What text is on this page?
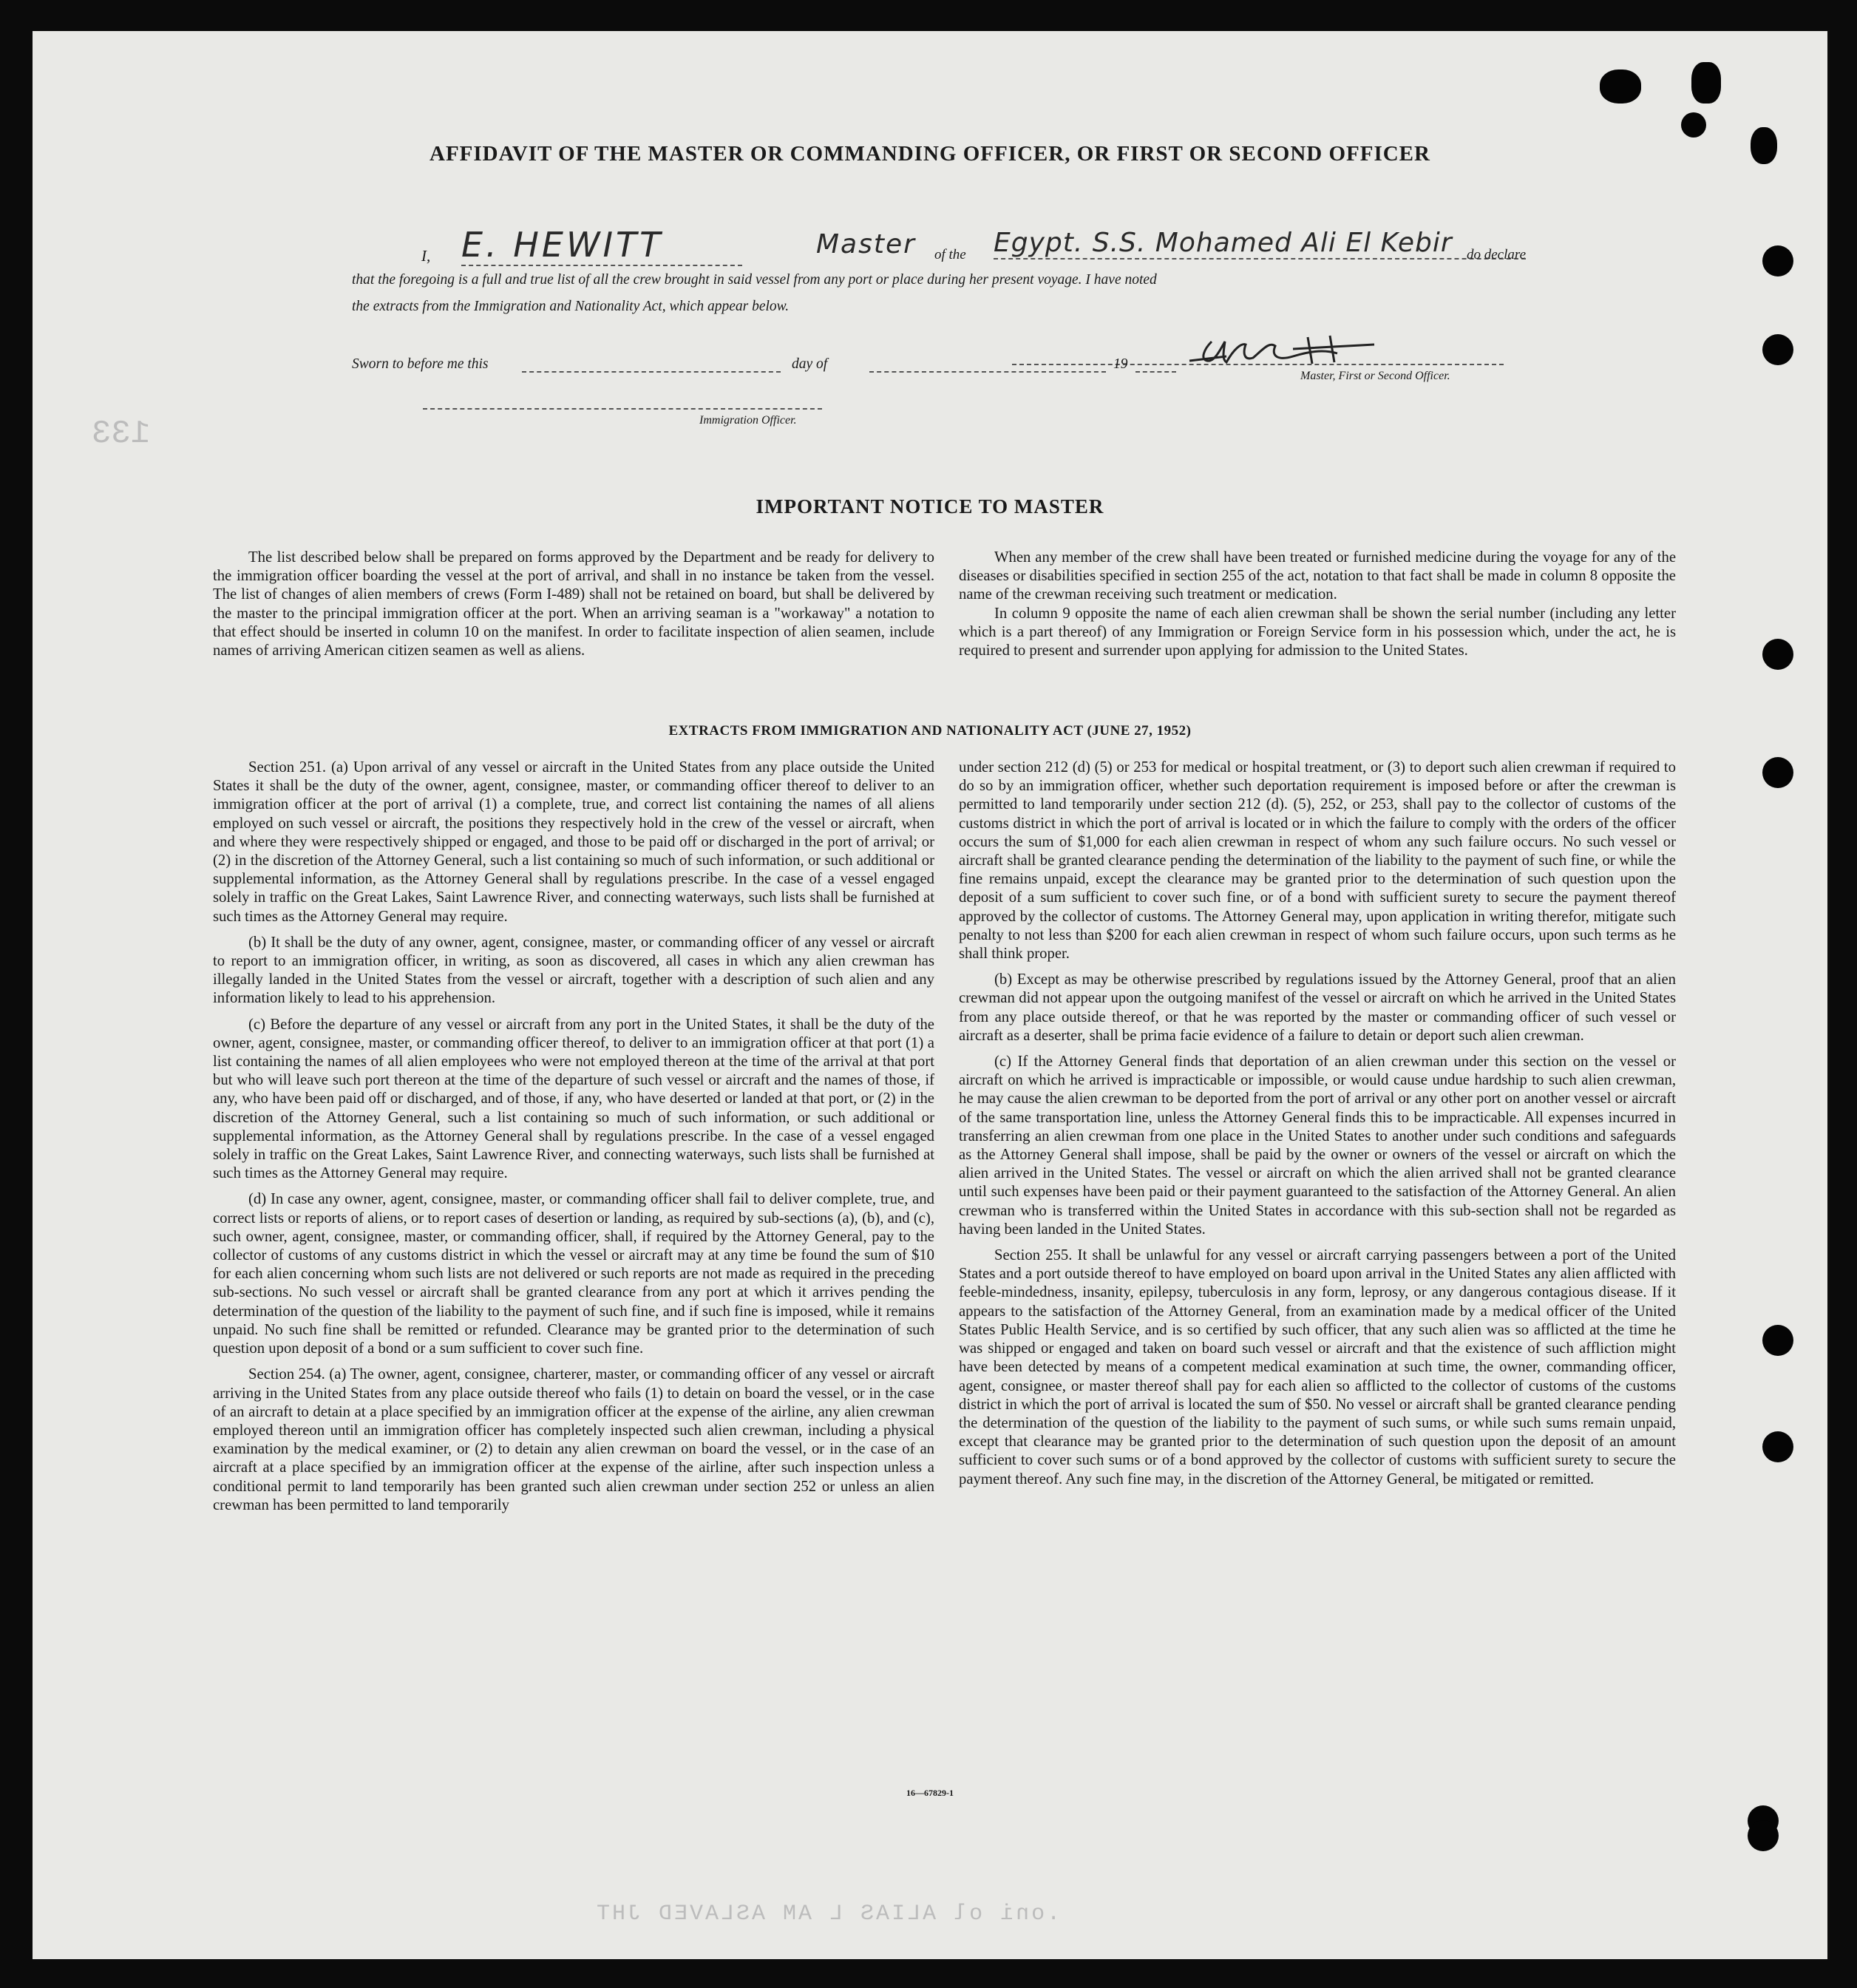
133
.oni ol ALIAS L AM ASLAVED JHT
AFFIDAVIT OF THE MASTER OR COMMANDING OFFICER, OR FIRST OR SECOND OFFICER
I, E. HEWITT	Master of the Egypt. S.S. Mohamed Ali El Kebir	do declare
that the foregoing is a full and true list of all the crew brought in said vessel from any port or place during her present voyage. I have noted
the extracts from the Immigration and Nationality Act, which appear below.
Master, First or Second Officer.
Sworn to before me this	day of	19
Immigration Officer.
IMPORTANT NOTICE TO MASTER

The list described below shall be prepared on forms approved by the Department and be ready for delivery to the immigration officer boarding the vessel at the port of arrival, and shall in no instance be taken from the vessel. The list of changes of alien members of crews (Form I-489) shall not be retained on board, but shall be delivered by the master to the principal immigration officer at the port. When an arriving seaman is a "workaway" a notation to that effect should be inserted in column 10 on the manifest. In order to facilitate inspection of alien seamen, include names of arriving American citizen seamen as well as aliens.

When any member of the crew shall have been treated or furnished medicine during the voyage for any of the diseases or disabilities specified in section 255 of the act, notation to that fact shall be made in column 8 opposite the name of the crewman receiving such treatment or medication.

In column 9 opposite the name of each alien crewman shall be shown the serial number (including any letter which is a part thereof) of any Immigration or Foreign Service form in his possession which, under the act, he is required to present and surrender upon applying for admission to the United States.

EXTRACTS FROM IMMIGRATION AND NATIONALITY ACT (JUNE 27, 1952)

Section 251. (a) Upon arrival of any vessel or aircraft in the United States from any place outside the United States it shall be the duty of the owner, agent, consignee, master, or commanding officer thereof to deliver to an immigration officer at the port of arrival (1) a complete, true, and correct list containing the names of all aliens employed on such vessel or aircraft, the positions they respectively hold in the crew of the vessel or aircraft, when and where they were respectively shipped or engaged, and those to be paid off or discharged in the port of arrival; or (2) in the discretion of the Attorney General, such a list containing so much of such information, or such additional or supplemental information, as the Attorney General shall by regulations prescribe. In the case of a vessel engaged solely in traffic on the Great Lakes, Saint Lawrence River, and connecting waterways, such lists shall be furnished at such times as the Attorney General may require.

(b) It shall be the duty of any owner, agent, consignee, master, or commanding officer of any vessel or aircraft to report to an immigration officer, in writing, as soon as discovered, all cases in which any alien crewman has illegally landed in the United States from the vessel or aircraft, together with a description of such alien and any information likely to lead to his apprehension.

(c) Before the departure of any vessel or aircraft from any port in the United States, it shall be the duty of the owner, agent, consignee, master, or commanding officer thereof, to deliver to an immigration officer at that port (1) a list containing the names of all alien employees who were not employed thereon at the time of the arrival at that port but who will leave such port thereon at the time of the departure of such vessel or aircraft and the names of those, if any, who have been paid off or discharged, and of those, if any, who have deserted or landed at that port, or (2) in the discretion of the Attorney General, such a list containing so much of such information, or such additional or supplemental information, as the Attorney General shall by regulations prescribe. In the case of a vessel engaged solely in traffic on the Great Lakes, Saint Lawrence River, and connecting waterways, such lists shall be furnished at such times as the Attorney General may require.

(d) In case any owner, agent, consignee, master, or commanding officer shall fail to deliver complete, true, and correct lists or reports of aliens, or to report cases of desertion or landing, as required by sub-sections (a), (b), and (c), such owner, agent, consignee, master, or commanding officer, shall, if required by the Attorney General, pay to the collector of customs of any customs district in which the vessel or aircraft may at any time be found the sum of $10 for each alien concerning whom such lists are not delivered or such reports are not made as required in the preceding sub-sections. No such vessel or aircraft shall be granted clearance from any port at which it arrives pending the determination of the question of the liability to the payment of such fine, and if such fine is imposed, while it remains unpaid. No such fine shall be remitted or refunded. Clearance may be granted prior to the determination of such question upon deposit of a bond or a sum sufficient to cover such fine.

Section 254. (a) The owner, agent, consignee, charterer, master, or commanding officer of any vessel or aircraft arriving in the United States from any place outside thereof who fails (1) to detain on board the vessel, or in the case of an aircraft to detain at a place specified by an immigration officer at the expense of the airline, any alien crewman employed thereon until an immigration officer has completely inspected such alien crewman, including a physical examination by the medical examiner, or (2) to detain any alien crewman on board the vessel, or in the case of an aircraft at a place specified by an immigration officer at the expense of the airline, after such inspection unless a conditional permit to land temporarily has been granted such alien crewman under section 252 or unless an alien crewman has been permitted to land temporarily

under section 212 (d) (5) or 253 for medical or hospital treatment, or (3) to deport such alien crewman if required to do so by an immigration officer, whether such deportation requirement is imposed before or after the crewman is permitted to land temporarily under section 212 (d). (5), 252, or 253, shall pay to the collector of customs of the customs district in which the port of arrival is located or in which the failure to comply with the orders of the officer occurs the sum of $1,000 for each alien crewman in respect of whom any such failure occurs. No such vessel or aircraft shall be granted clearance pending the determination of the liability to the payment of such fine, or while the fine remains unpaid, except the clearance may be granted prior to the determination of such question upon the deposit of a sum sufficient to cover such fine, or of a bond with sufficient surety to secure the payment thereof approved by the collector of customs. The Attorney General may, upon application in writing therefor, mitigate such penalty to not less than $200 for each alien crewman in respect of whom such failure occurs, upon such terms as he shall think proper.

(b) Except as may be otherwise prescribed by regulations issued by the Attorney General, proof that an alien crewman did not appear upon the outgoing manifest of the vessel or aircraft on which he arrived in the United States from any place outside thereof, or that he was reported by the master or commanding officer of such vessel or aircraft as a deserter, shall be prima facie evidence of a failure to detain or deport such alien crewman.

(c) If the Attorney General finds that deportation of an alien crewman under this section on the vessel or aircraft on which he arrived is impracticable or impossible, or would cause undue hardship to such alien crewman, he may cause the alien crewman to be deported from the port of arrival or any other port on another vessel or aircraft of the same transportation line, unless the Attorney General finds this to be impracticable. All expenses incurred in transferring an alien crewman from one place in the United States to another under such conditions and safeguards as the Attorney General shall impose, shall be paid by the owner or owners of the vessel or aircraft on which the alien arrived in the United States. The vessel or aircraft on which the alien arrived shall not be granted clearance until such expenses have been paid or their payment guaranteed to the satisfaction of the Attorney General. An alien crewman who is transferred within the United States in accordance with this sub-section shall not be regarded as having been landed in the United States.

Section 255. It shall be unlawful for any vessel or aircraft carrying passengers between a port of the United States and a port outside thereof to have employed on board upon arrival in the United States any alien afflicted with feeble-mindedness, insanity, epilepsy, tuberculosis in any form, leprosy, or any dangerous contagious disease. If it appears to the satisfaction of the Attorney General, from an examination made by a medical officer of the United States Public Health Service, and is so certified by such officer, that any such alien was so afflicted at the time he was shipped or engaged and taken on board such vessel or aircraft and that the existence of such affliction might have been detected by means of a competent medical examination at such time, the owner, commanding officer, agent, consignee, or master thereof shall pay for each alien so afflicted to the collector of customs of the customs district in which the port of arrival is located the sum of $50. No vessel or aircraft shall be granted clearance pending the determination of the question of the liability to the payment of such sums, or while such sums remain unpaid, except that clearance may be granted prior to the determination of such question upon the deposit of an amount sufficient to cover such sums or of a bond approved by the collector of customs with sufficient surety to secure the payment thereof. Any such fine may, in the discretion of the Attorney General, be mitigated or remitted.

16—67829-1
